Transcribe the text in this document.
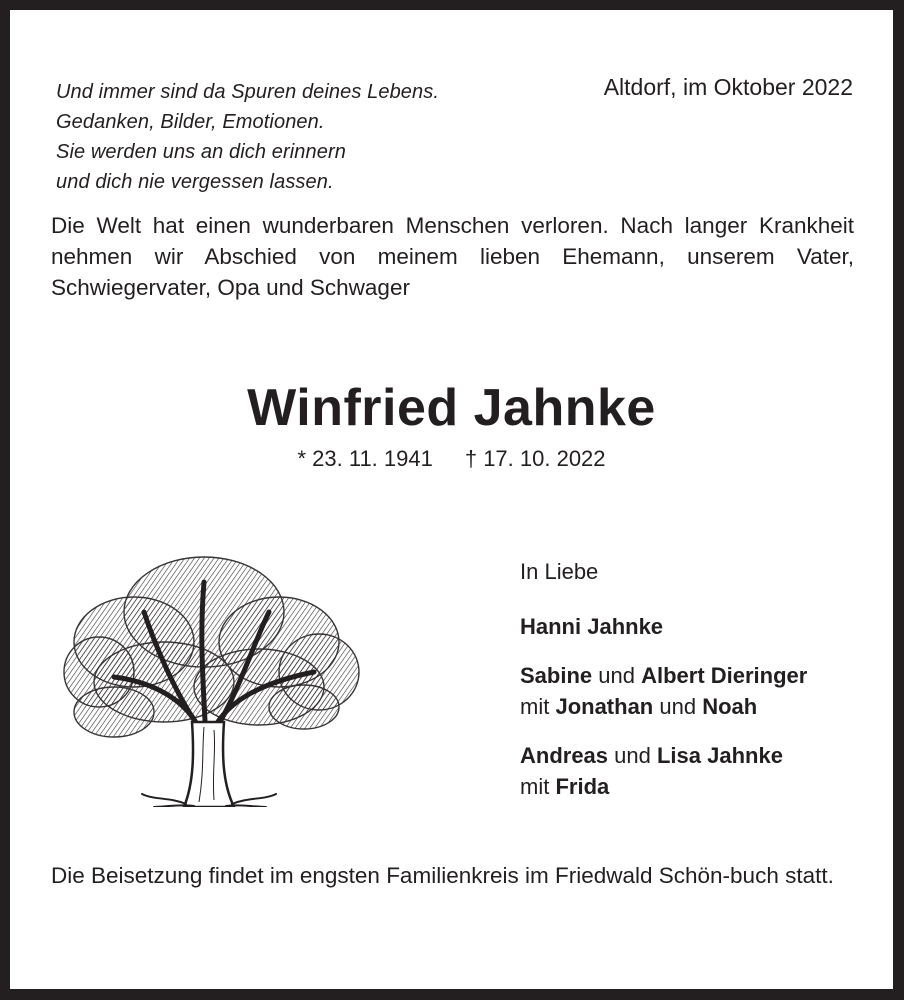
Und immer sind da Spuren deines Lebens.
Gedanken, Bilder, Emotionen.
Sie werden uns an dich erinnern
und dich nie vergessen lassen.
Altdorf, im Oktober 2022
Die Welt hat einen wunderbaren Menschen verloren. Nach langer Krankheit nehmen wir Abschied von meinem lieben Ehemann, unserem Vater, Schwiegervater, Opa und Schwager
Winfried Jahnke
* 23. 11. 1941 † 17. 10. 2022
In Liebe
Hanni Jahnke
Sabine und Albert Dieringer
mit Jonathan und Noah
Andreas und Lisa Jahnke
mit Frida
Die Beisetzung findet im engsten Familienkreis im Friedwald Schön-buch statt.
